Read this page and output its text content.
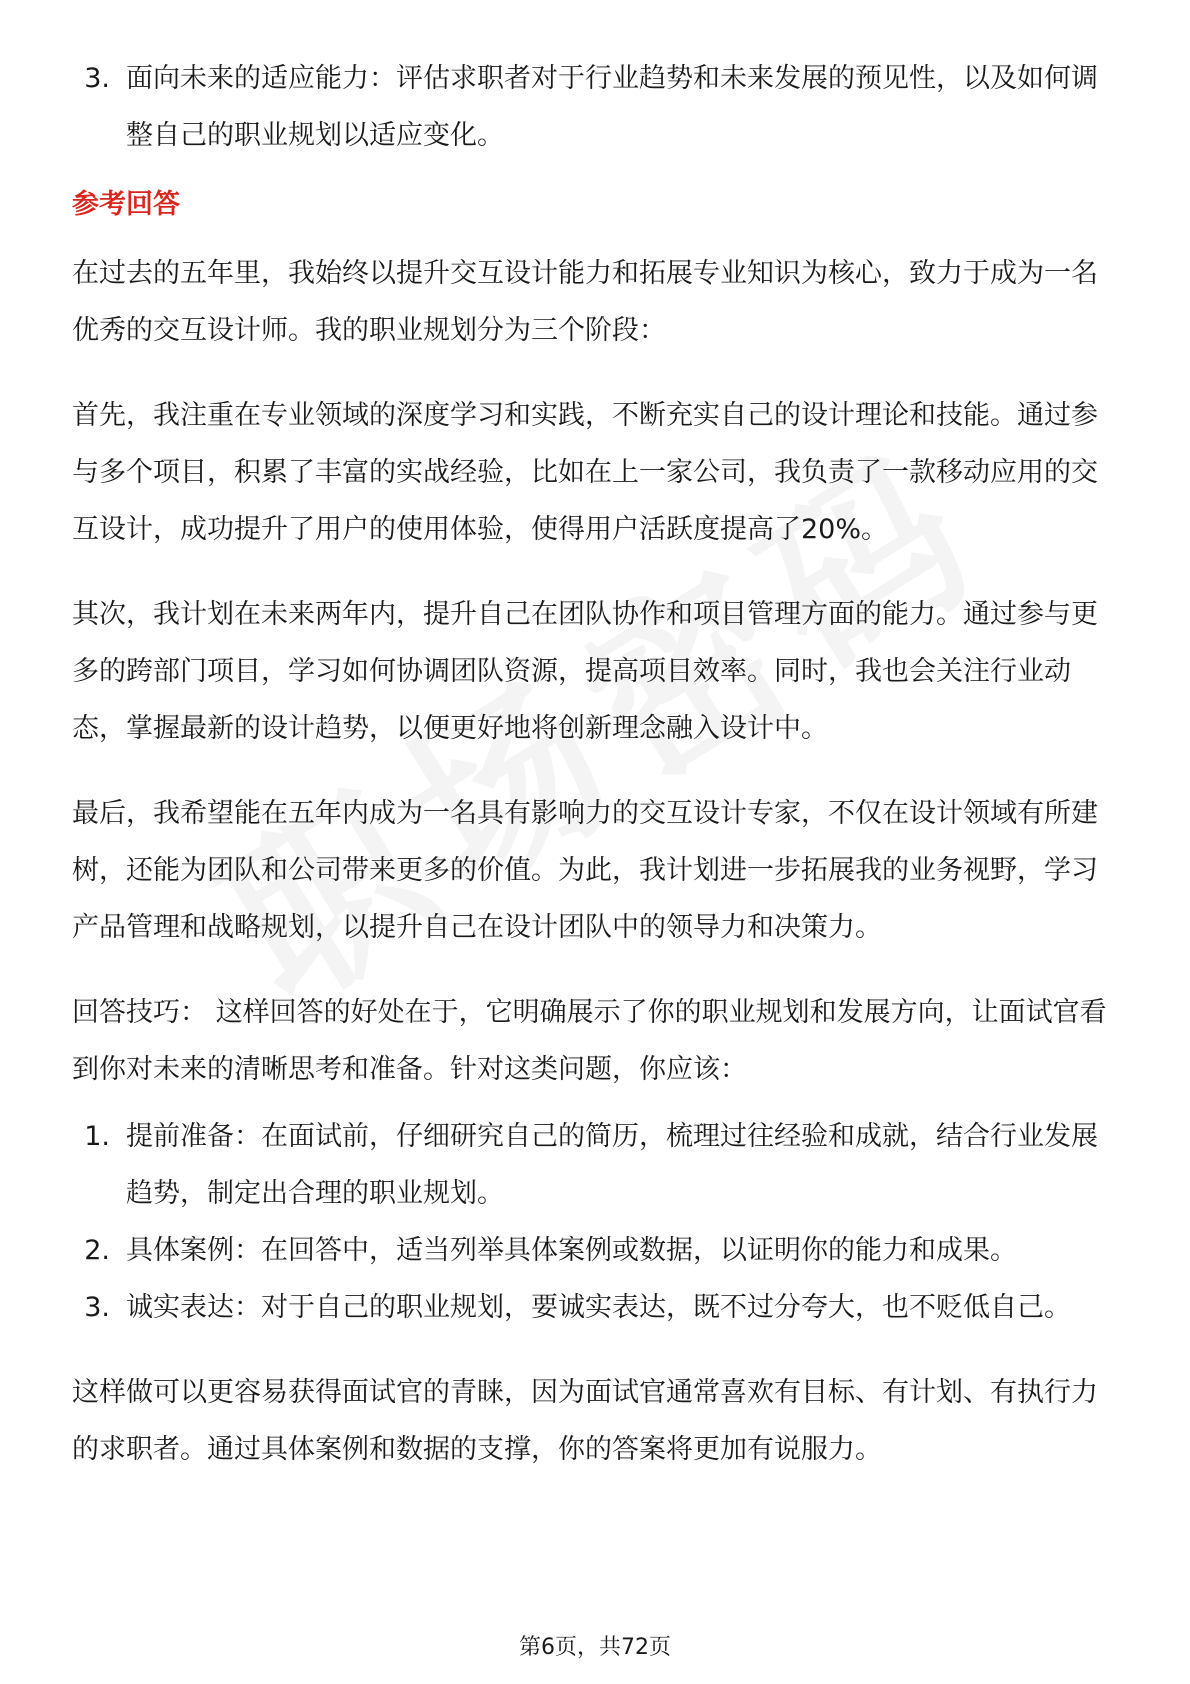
3. 面向未来的适应能力：评估求职者对于行业趋势和未来发展的预见性，以及如何调整自己的职业规划以适应变化。
参考回答

在过去的五年里，我始终以提升交互设计能力和拓展专业知识为核心，致力于成为一名优秀的交互设计师。我的职业规划分为三个阶段：

首先，我注重在专业领域的深度学习和实践，不断充实自己的设计理论和技能。通过参与多个项目，积累了丰富的实战经验，比如在上一家公司，我负责了一款移动应用的交互设计，成功提升了用户的使用体验，使得用户活跃度提高了20%。

其次，我计划在未来两年内，提升自己在团队协作和项目管理方面的能力。通过参与更多的跨部门项目，学习如何协调团队资源，提高项目效率。同时，我也会关注行业动态，掌握最新的设计趋势，以便更好地将创新理念融入设计中。

最后，我希望能在五年内成为一名具有影响力的交互设计专家，不仅在设计领域有所建树，还能为团队和公司带来更多的价值。为此，我计划进一步拓展我的业务视野，学习产品管理和战略规划，以提升自己在设计团队中的领导力和决策力。

回答技巧： 这样回答的好处在于，它明确展示了你的职业规划和发展方向，让面试官看到你对未来的清晰思考和准备。针对这类问题，你应该：

1. 提前准备：在面试前，仔细研究自己的简历，梳理过往经验和成就，结合行业发展趋势，制定出合理的职业规划。
2. 具体案例：在回答中，适当列举具体案例或数据，以证明你的能力和成果。
3. 诚实表达：对于自己的职业规划，要诚实表达，既不过分夸大，也不贬低自己。

这样做可以更容易获得面试官的青睐，因为面试官通常喜欢有目标、有计划、有执行力的求职者。通过具体案例和数据的支撑，你的答案将更加有说服力。

第6页，共72页
